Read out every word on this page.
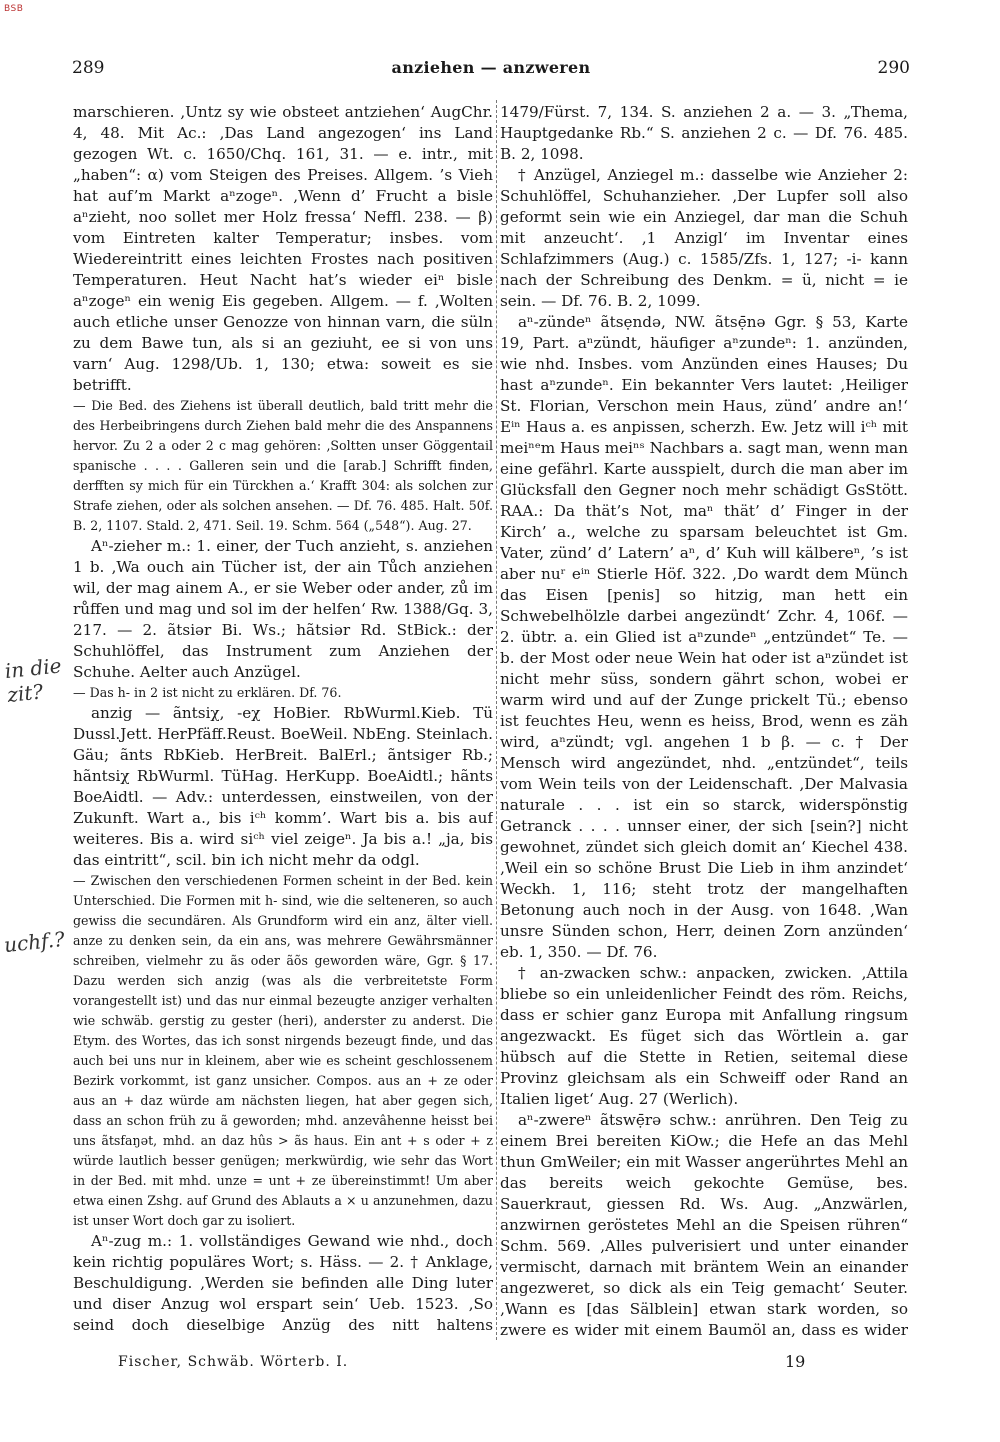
BSB
289	anziehen — anzweren	290

marschieren. ‚Untz sy wie obsteet antziehen‘ AugChr. 4, 48. Mit Ac.: ‚Das Land angezogen‘ ins Land gezogen Wt. c. 1650/Chq. 161, 31. — e. intr., mit „haben“: α) vom Steigen des Preises. Allgem. ’s Vieh hat auf’m Markt aⁿzogeⁿ. ‚Wenn d’ Frucht a bisle aⁿzieht, noo sollet mer Holz fressa‘ Neffl. 238. — β) vom Eintreten kalter Temperatur; insbes. vom Wiedereintritt eines leichten Frostes nach positiven Temperaturen. Heut Nacht hat’s wieder eiⁿ bisle aⁿzogeⁿ ein wenig Eis gegeben. Allgem. — f. ‚Wolten auch etliche unser Genozze von hinnan varn, die süln zu dem Bawe tun, als si an geziuht, ee si von uns varn‘ Aug. 1298/Ub. 1, 130; etwa: soweit es sie betrifft.

— Die Bed. des Ziehens ist überall deutlich, bald tritt mehr die des Herbeibringens durch Ziehen bald mehr die des Anspannens hervor. Zu 2 a oder 2 c mag gehören: ‚Soltten unser Göggentail spanische . . . . Galleren sein und die [arab.] Schrifft finden, derfften sy mich für ein Türckhen a.‘ Krafft 304: als solchen zur Strafe ziehen, oder als solchen ansehen. — Df. 76. 485. Halt. 50f. B. 2, 1107. Stald. 2, 471. Seil. 19. Schm. 564 („548“). Aug. 27.

Aⁿ-zieher m.: 1. einer, der Tuch anzieht, s. anziehen 1 b. ‚Wa ouch ain Tücher ist, der ain Tůch anziehen wil, der mag ainem A., er sie Weber oder ander, zů im růffen und mag und sol im der helfen‘ Rw. 1388/Gq. 3, 217. — 2. ãtsiər Bi. Ws.; hãtsiər Rd. StBick.: der Schuhlöffel, das Instrument zum Anziehen der Schuhe. Aelter auch Anzügel.

— Das h- in 2 ist nicht zu erklären. Df. 76.

anzig — ãntsiχ, -eχ HoBier. RbWurml.Kieb. Tü Dussl.Jett. HerPfäff.Reust. BoeWeil. NbEng. Steinlach. Gäu; ãnts RbKieb. HerBreit. BalErl.; ãntsiger Rb.; hãntsiχ RbWurml. TüHag. HerKupp. BoeAidtl.; hãnts BoeAidtl. — Adv.: unterdessen, einstweilen, von der Zukunft. Wart a., bis iᶜʰ komm’. Wart bis a. bis auf weiteres. Bis a. wird siᶜʰ viel zeigeⁿ. Ja bis a.! „ja, bis das eintritt“, scil. bin ich nicht mehr da odgl.

— Zwischen den verschiedenen Formen scheint in der Bed. kein Unterschied. Die Formen mit h- sind, wie die selteneren, so auch gewiss die secundären. Als Grundform wird ein anz, älter viell. anze zu denken sein, da ein ans, was mehrere Gewährsmänner schreiben, vielmehr zu ãs oder ãõs geworden wäre, Ggr. § 17. Dazu werden sich anzig (was als die verbreitetste Form vorangestellt ist) und das nur einmal bezeugte anziger verhalten wie schwäb. gerstig zu gester (heri), anderster zu anderst. Die Etym. des Wortes, das ich sonst nirgends bezeugt finde, und das auch bei uns nur in kleinem, aber wie es scheint geschlossenem Bezirk vorkommt, ist ganz unsicher. Compos. aus an + ze oder aus an + daz würde am nächsten liegen, hat aber gegen sich, dass an schon früh zu ã geworden; mhd. anzevâhenne heisst bei uns ãtsfaŋət, mhd. an daz hûs > ãs haus. Ein ant + s oder + z würde lautlich besser genügen; merkwürdig, wie sehr das Wort in der Bed. mit mhd. unze = unt + ze übereinstimmt! Um aber etwa einen Zshg. auf Grund des Ablauts a × u anzunehmen, dazu ist unser Wort doch gar zu isoliert.

Aⁿ-zug m.: 1. vollständiges Gewand wie nhd., doch kein richtig populäres Wort; s. Häss. — 2. † Anklage, Beschuldigung. ‚Werden sie befinden alle Ding luter und diser Anzug wol erspart sein‘ Ueb. 1523. ‚So seind doch dieselbige Anzüg des nitt haltens

1479/Fürst. 7, 134. S. anziehen 2 a. — 3. „Thema, Hauptgedanke Rb.“ S. anziehen 2 c. — Df. 76. 485. B. 2, 1098.

† Anzügel, Anziegel m.: dasselbe wie Anzieher 2: Schuhlöffel, Schuhanzieher. ‚Der Lupfer soll also geformt sein wie ein Anziegel, dar man die Schuh mit anzeucht‘. ‚1 Anzigl‘ im Inventar eines Schlafzimmers (Aug.) c. 1585/Zfs. 1, 127; -i- kann nach der Schreibung des Denkm. = ü, nicht = ie sein. — Df. 76. B. 2, 1099.

aⁿ-zündeⁿ ãtsẹndə, NW. ãtsẹ̄nə Ggr. § 53, Karte 19, Part. aⁿzündt, häufiger aⁿzundeⁿ: 1. anzünden, wie nhd. Insbes. vom Anzünden eines Hauses; Du hast aⁿzundeⁿ. Ein bekannter Vers lautet: ‚Heiliger St. Florian, Verschon mein Haus, zünd’ andre an!‘ Eⁱⁿ Haus a. es anpissen, scherzh. Ew. Jetz will iᶜʰ mit meiⁿᵉm Haus meiⁿˢ Nachbars a. sagt man, wenn man eine gefährl. Karte ausspielt, durch die man aber im Glücksfall den Gegner noch mehr schädigt GsStött. RAA.: Da thät’s Not, maⁿ thät’ d’ Finger in der Kirch’ a., welche zu sparsam beleuchtet ist Gm. Vater, zünd’ d’ Latern’ aⁿ, d’ Kuh will kälbereⁿ, ’s ist aber nuʳ eⁱⁿ Stierle Höf. 322. ‚Do wardt dem Münch das Eisen [penis] so hitzig, man hett ein Schwebelhölzle darbei angezündt‘ Zchr. 4, 106f. — 2. übtr. a. ein Glied ist aⁿzundeⁿ „entzündet“ Te. — b. der Most oder neue Wein hat oder ist aⁿzündet ist nicht mehr süss, sondern gährt schon, wobei er warm wird und auf der Zunge prickelt Tü.; ebenso ist feuchtes Heu, wenn es heiss, Brod, wenn es zäh wird, aⁿzündt; vgl. angehen 1 b β. — c. † Der Mensch wird angezündet, nhd. „entzündet“, teils vom Wein teils von der Leidenschaft. ‚Der Malvasia naturale . . . ist ein so starck, widerspönstig Getranck . . . . unnser einer, der sich [sein?] nicht gewohnet, zündet sich gleich domit an‘ Kiechel 438. ‚Weil ein so schöne Brust Die Lieb in ihm anzindet‘ Weckh. 1, 116; steht trotz der mangelhaften Betonung auch noch in der Ausg. von 1648. ‚Wan unsre Sünden schon, Herr, deinen Zorn anzünden‘ eb. 1, 350. — Df. 76.

† an-zwacken schw.: anpacken, zwicken. ‚Attila bliebe so ein unleidenlicher Feindt des röm. Reichs, dass er schier ganz Europa mit Anfallung ringsum angezwackt. Es füget sich das Wörtlein a. gar hübsch auf die Stette in Retien, seitemal diese Provinz gleichsam als ein Schweiff oder Rand an Italien liget‘ Aug. 27 (Werlich).

aⁿ-zwereⁿ ãtswẹ̄rə schw.: anrühren. Den Teig zu einem Brei bereiten KiOw.; die Hefe an das Mehl thun GmWeiler; ein mit Wasser angerührtes Mehl an das bereits weich gekochte Gemüse, bes. Sauerkraut, giessen Rd. Ws. Aug. „Anzwärlen, anzwirnen geröstetes Mehl an die Speisen rühren“ Schm. 569. ‚Alles pulverisiert und unter einander vermischt, darnach mit bräntem Wein an einander angezweret, so dick als ein Teig gemacht‘ Seuter. ‚Wann es [das Sälblein] etwan stark worden, so zwere es wider mit einem Baumöl an, dass es wider

Fischer, Schwäb. Wörterb. I.	19
in die zit?
uchf.?
